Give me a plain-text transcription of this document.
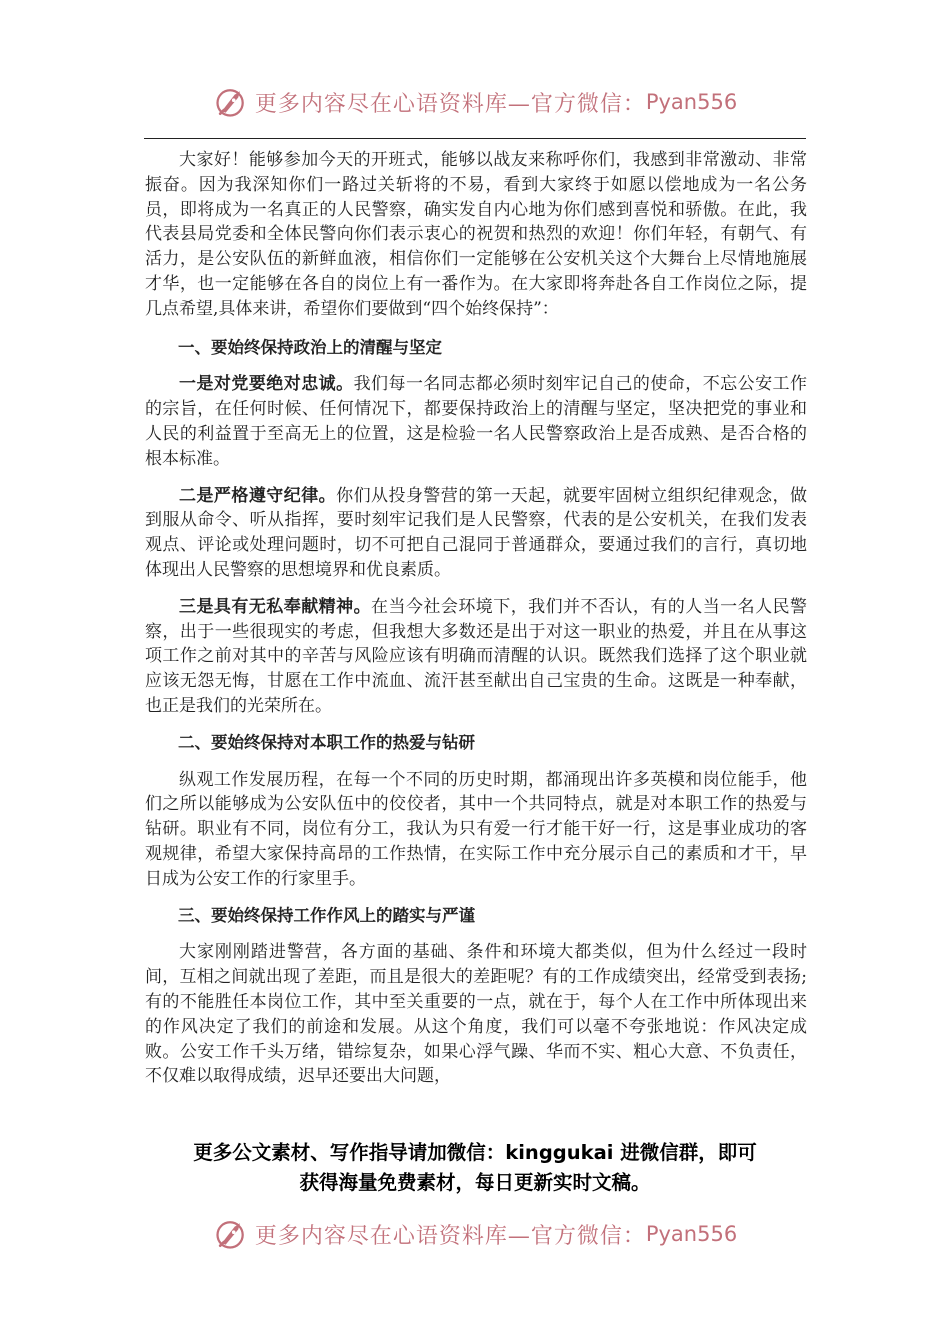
更多内容尽在心语资料库—官方微信： Pyan556

大家好！能够参加今天的开班式，能够以战友来称呼你们，我感到非常激动、非常振奋。因为我深知你们一路过关斩将的不易，看到大家终于如愿以偿地成为一名公务员，即将成为一名真正的人民警察，确实发自内心地为你们感到喜悦和骄傲。在此，我代表县局党委和全体民警向你们表示衷心的祝贺和热烈的欢迎！你们年轻，有朝气、有活力，是公安队伍的新鲜血液，相信你们一定能够在公安机关这个大舞台上尽情地施展才华，也一定能够在各自的岗位上有一番作为。在大家即将奔赴各自工作岗位之际，提几点希望,具体来讲，希望你们要做到“四个始终保持”：

一、要始终保持政治上的清醒与坚定

一是对党要绝对忠诚。我们每一名同志都必须时刻牢记自己的使命，不忘公安工作的宗旨，在任何时候、任何情况下，都要保持政治上的清醒与坚定，坚决把党的事业和人民的利益置于至高无上的位置，这是检验一名人民警察政治上是否成熟、是否合格的根本标准。

二是严格遵守纪律。你们从投身警营的第一天起，就要牢固树立组织纪律观念，做到服从命令、听从指挥，要时刻牢记我们是人民警察，代表的是公安机关，在我们发表观点、评论或处理问题时，切不可把自己混同于普通群众，要通过我们的言行，真切地体现出人民警察的思想境界和优良素质。

三是具有无私奉献精神。在当今社会环境下，我们并不否认，有的人当一名人民警察，出于一些很现实的考虑，但我想大多数还是出于对这一职业的热爱，并且在从事这项工作之前对其中的辛苦与风险应该有明确而清醒的认识。既然我们选择了这个职业就应该无怨无悔，甘愿在工作中流血、流汗甚至献出自己宝贵的生命。这既是一种奉献，也正是我们的光荣所在。

二、要始终保持对本职工作的热爱与钻研

纵观工作发展历程，在每一个不同的历史时期，都涌现出许多英模和岗位能手，他们之所以能够成为公安队伍中的佼佼者，其中一个共同特点，就是对本职工作的热爱与钻研。职业有不同，岗位有分工，我认为只有爱一行才能干好一行，这是事业成功的客观规律，希望大家保持高昂的工作热情，在实际工作中充分展示自己的素质和才干，早日成为公安工作的行家里手。

三、要始终保持工作作风上的踏实与严谨

大家刚刚踏进警营，各方面的基础、条件和环境大都类似，但为什么经过一段时间，互相之间就出现了差距，而且是很大的差距呢？有的工作成绩突出，经常受到表扬;有的不能胜任本岗位工作，其中至关重要的一点，就在于，每个人在工作中所体现出来的作风决定了我们的前途和发展。从这个角度，我们可以毫不夸张地说：作风决定成败。公安工作千头万绪，错综复杂，如果心浮气躁、华而不实、粗心大意、不负责任，不仅难以取得成绩，迟早还要出大问题，

更多公文素材、写作指导请加微信：kinggukai 进微信群，即可
获得海量免费素材，每日更新实时文稿。
更多内容尽在心语资料库—官方微信： Pyan556
